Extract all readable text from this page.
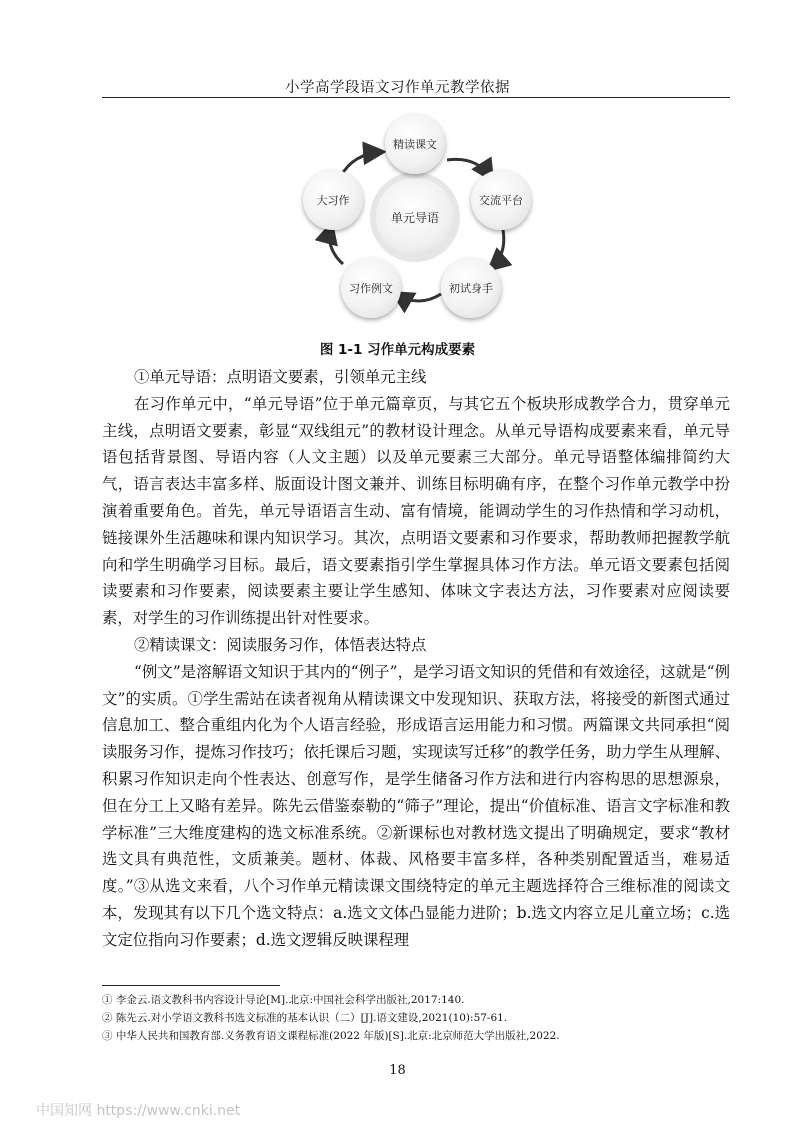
小学高学段语文习作单元教学依据
单元导语
精读课文
交流平台
初试身手
习作例文
大习作
图 1-1 习作单元构成要素

①单元导语：点明语文要素，引领单元主线

在习作单元中，“单元导语”位于单元篇章页，与其它五个板块形成教学合力，贯穿单元主线，点明语文要素，彰显“双线组元”的教材设计理念。从单元导语构成要素来看，单元导语包括背景图、导语内容（人文主题）以及单元要素三大部分。单元导语整体编排简约大气，语言表达丰富多样、版面设计图文兼并、训练目标明确有序，在整个习作单元教学中扮演着重要角色。首先，单元导语语言生动、富有情境，能调动学生的习作热情和学习动机，链接课外生活趣味和课内知识学习。其次，点明语文要素和习作要求，帮助教师把握教学航向和学生明确学习目标。最后，语文要素指引学生掌握具体习作方法。单元语文要素包括阅读要素和习作要素，阅读要素主要让学生感知、体味文字表达方法，习作要素对应阅读要素，对学生的习作训练提出针对性要求。

②精读课文：阅读服务习作，体悟表达特点

“例文”是溶解语文知识于其内的“例子”，是学习语文知识的凭借和有效途径，这就是“例文”的实质。①学生需站在读者视角从精读课文中发现知识、获取方法，将接受的新图式通过信息加工、整合重组内化为个人语言经验，形成语言运用能力和习惯。两篇课文共同承担“阅读服务习作，提炼习作技巧；依托课后习题，实现读写迁移”的教学任务，助力学生从理解、积累习作知识走向个性表达、创意写作，是学生储备习作方法和进行内容构思的思想源泉，但在分工上又略有差异。陈先云借鉴泰勒的“筛子”理论，提出“价值标准、语言文字标准和教学标准”三大维度建构的选文标准系统。②新课标也对教材选文提出了明确规定，要求“教材选文具有典范性，文质兼美。题材、体裁、风格要丰富多样，各种类别配置适当，难易适度。”③从选文来看，八个习作单元精读课文围绕特定的单元主题选择符合三维标准的阅读文本，发现其有以下几个选文特点：a.选文文体凸显能力进阶；b.选文内容立足儿童立场；c.选文定位指向习作要素；d.选文逻辑反映课程理

① 李金云.语文教科书内容设计导论[M].北京:中国社会科学出版社,2017:140.

② 陈先云.对小学语文教科书选文标准的基本认识（二）[J].语文建设,2021(10):57-61.

③ 中华人民共和国教育部.义务教育语文课程标准(2022 年版)[S].北京:北京师范大学出版社,2022.

18
中国知网 https://www.cnki.net
